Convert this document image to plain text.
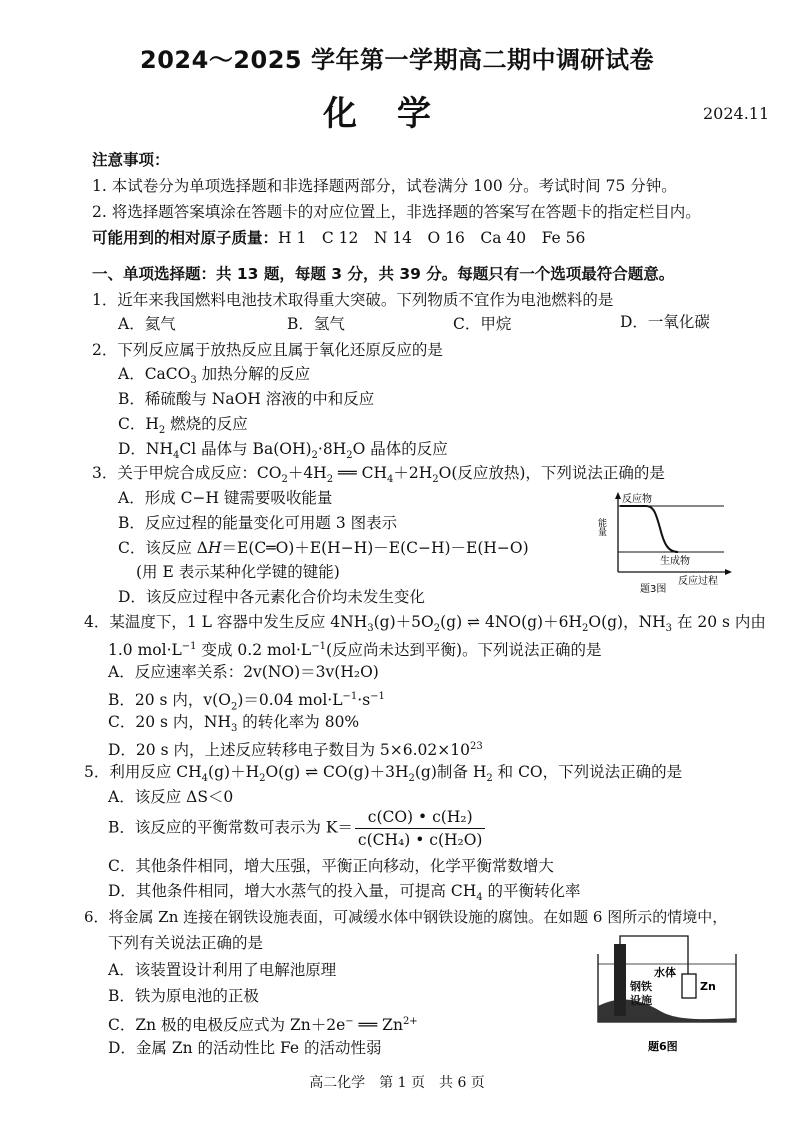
2024～2025 学年第一学期高二期中调研试卷
化学	2024.11
注意事项：
1. 本试卷分为单项选择题和非选择题两部分，试卷满分 100 分。考试时间 75 分钟。
2. 将选择题答案填涂在答题卡的对应位置上，非选择题的答案写在答题卡的指定栏目内。
可能用到的相对原子质量：H 1　C 12　N 14　O 16　Ca 40　Fe 56
一、单项选择题：共 13 题，每题 3 分，共 39 分。每题只有一个选项最符合题意。
1．近年来我国燃料电池技术取得重大突破。下列物质不宜作为电池燃料的是
A．氦气	B．氢气	C．甲烷	D．一氧化碳
2．下列反应属于放热反应且属于氧化还原反应的是
A．CaCO$_3$ 加热分解的反应
B．稀硫酸与 NaOH 溶液的中和反应
C．$H_2$ 燃烧的反应
D．$NH_4Cl$ 晶体与 $Ba(OH)_2\cdot 8H_2O$ 晶体的反应
3．关于甲烷合成反应：$CO_2+4H_2$ ══ $CH_4+2H_2O$(反应放热)，下列说法正确的是
A．形成 C−H 键需要吸收能量
B．反应过程的能量变化可用题 3 图表示
C．该反应 ΔH＝E(C═O)＋E(H−H)－E(C−H)－E(H−O)
(用 E 表示某种化学键的键能)
D．该反应过程中各元素化合价均未发生变化
能量
反应物
生成物
反应过程
题3图
4．某温度下，1 L 容器中发生反应 $4NH_3(g)+5O_2(g)$ ⇌ $4NO(g)+6H_2O(g)$，$NH_3$ 在 20 s 内由
1.0 $mol\cdot L^{-1}$ 变成 0.2 $mol\cdot L^{-1}$(反应尚未达到平衡)。下列说法正确的是
A．反应速率关系：2v(NO)＝3v(H₂O)
B．20 s 内，$v(O_2)=0.04$ $mol\cdot L^{-1}\cdot s^{-1}$
C．20 s 内，$NH_3$ 的转化率为 80%
D．20 s 内，上述反应转移电子数目为 $5\times 6.02\times 10^{23}$
5．利用反应 $CH_4(g)+H_2O(g)$ ⇌ $CO(g)+3H_2(g)$制备 $H_2$ 和 CO，下列说法正确的是
A．该反应 ΔS＜0
B．该反应的平衡常数可表示为 $K= \frac{\text{c(CO) • c(H₂)}}{\text{c(CH₄) • c(H₂O)}}$
C．其他条件相同，增大压强，平衡正向移动，化学平衡常数增大
D．其他条件相同，增大水蒸气的投入量，可提高 $CH_4$ 的平衡转化率
6．将金属 Zn 连接在钢铁设施表面，可减缓水体中钢铁设施的腐蚀。在如题 6 图所示的情境中，
下列有关说法正确的是
A．该装置设计利用了电解池原理
B．铁为原电池的正极
C．Zn 极的电极反应式为 Zn＋2e− ══ $Zn^{2+}$
D．金属 Zn 的活动性比 Fe 的活动性弱
水体
钢铁
设施
Zn
题6图
高二化学　第 1 页　共 6 页
